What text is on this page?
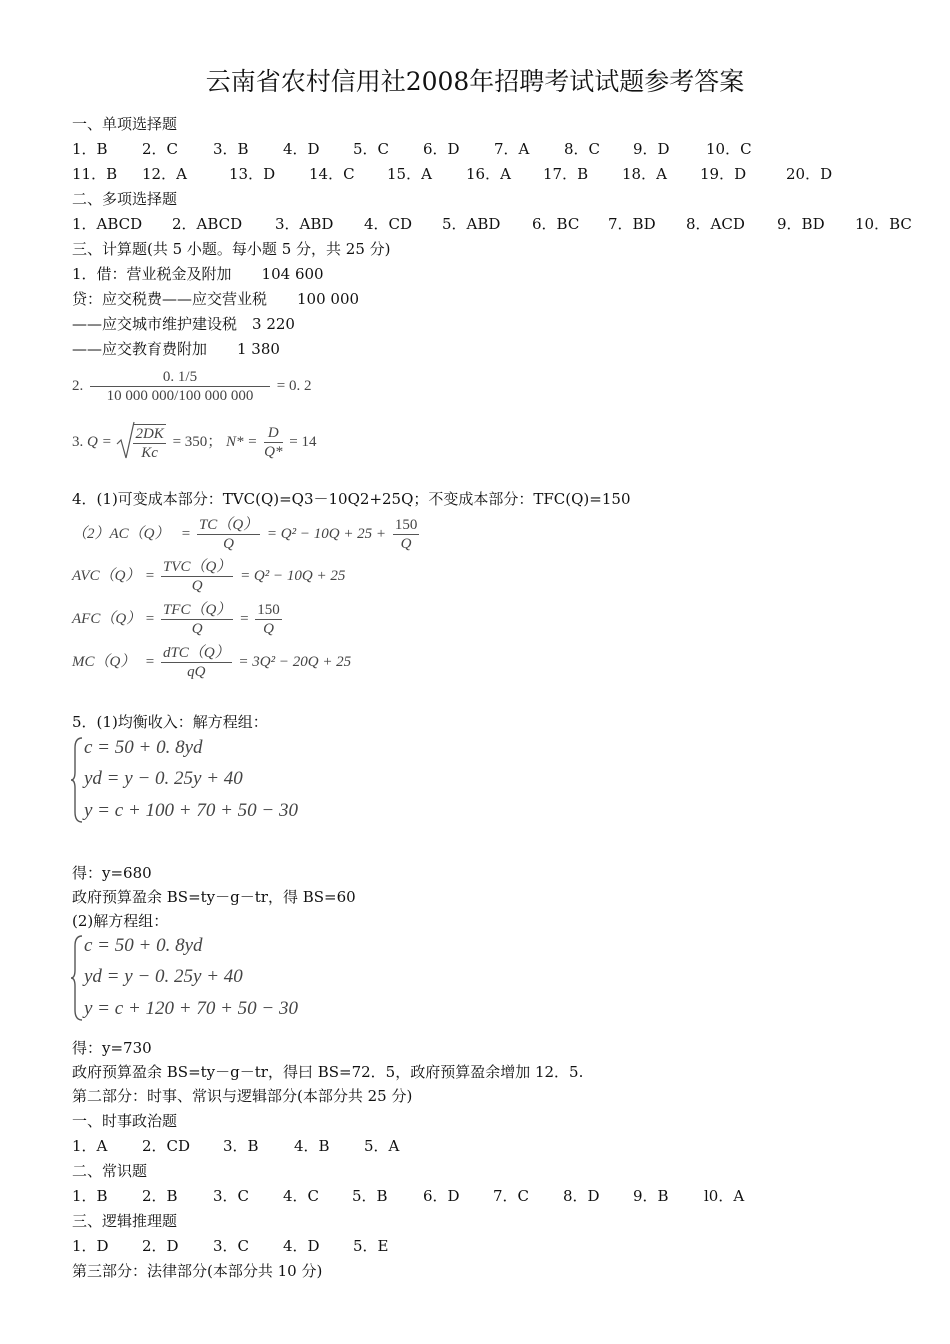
云南省农村信用社2008年招聘考试试题参考答案
一、单项选择题
1．B 2．C 3．B 4．D 5．C 6．D 7．A 8．C 9．D 10．C
11．B 12．A	13．D 14．C 15．A 16．A 17．B 18．A 19．D	20．D
二、多项选择题
1．ABCD 2．ABCD 3．ABD 4．CD 5．ABD 6．BC 7．BD 8．ACD 9．BD 10．BC
三、计算题(共 5 小题。每小题 5 分，共 25 分)
1．借：营业税金及附加　　104 600
贷：应交税费——应交营业税　　100 000
——应交城市维护建设税　3 220
——应交教育费附加　　1 380
2. $\frac{0. 1/5}{10 000 000/100 000 000} = 0$. 2
3. $Q = \frac{2DK}{Kc} = 350$； $N* = \frac{D}{Q*} = 14$
4．(1)可变成本部分：TVC(Q)=Q3－10Q2+25Q；不变成本部分：TFC(Q)=150
$(2)AC(Q) = \frac{TC(Q)}{Q} = Q^2 - 10Q + 25 + \frac{150}{Q}$
$AVC(Q) = \frac{\text{TVC（Q）}}{Q} = Q^2 - 10Q + 25$
$AFC(Q) = \frac{\text{TFC（Q）}}{Q} = \frac{150}{Q}$
$MC(Q) = \frac{\text{dTC（Q）}}{qQ} = 3Q^2 - 20Q + 25$
5．(1)均衡收入：解方程组：
c = 50 + 0. 8yd
yd = y − 0. 25y + 40
y = c + 100 + 70 + 50 − 30
得：y=680
政府预算盈余 BS=ty－g－tr，得 BS=60
(2)解方程组：
c = 50 + 0. 8yd
yd = y − 0. 25y + 40
y = c + 120 + 70 + 50 − 30
得：y=730
政府预算盈余 BS=ty－g－tr，得曰 BS=72．5，政府预算盈余增加 12．5.
第二部分：时事、常识与逻辑部分(本部分共 25 分)
一、时事政治题
1．A 2．CD 3．B 4．B 5．A
二、常识题
1．B 2．B 3．C 4．C 5．B 6．D 7．C 8．D 9．B l0．A
三、逻辑推理题
1．D 2．D 3．C 4．D 5．E
第三部分：法律部分(本部分共 10 分)
